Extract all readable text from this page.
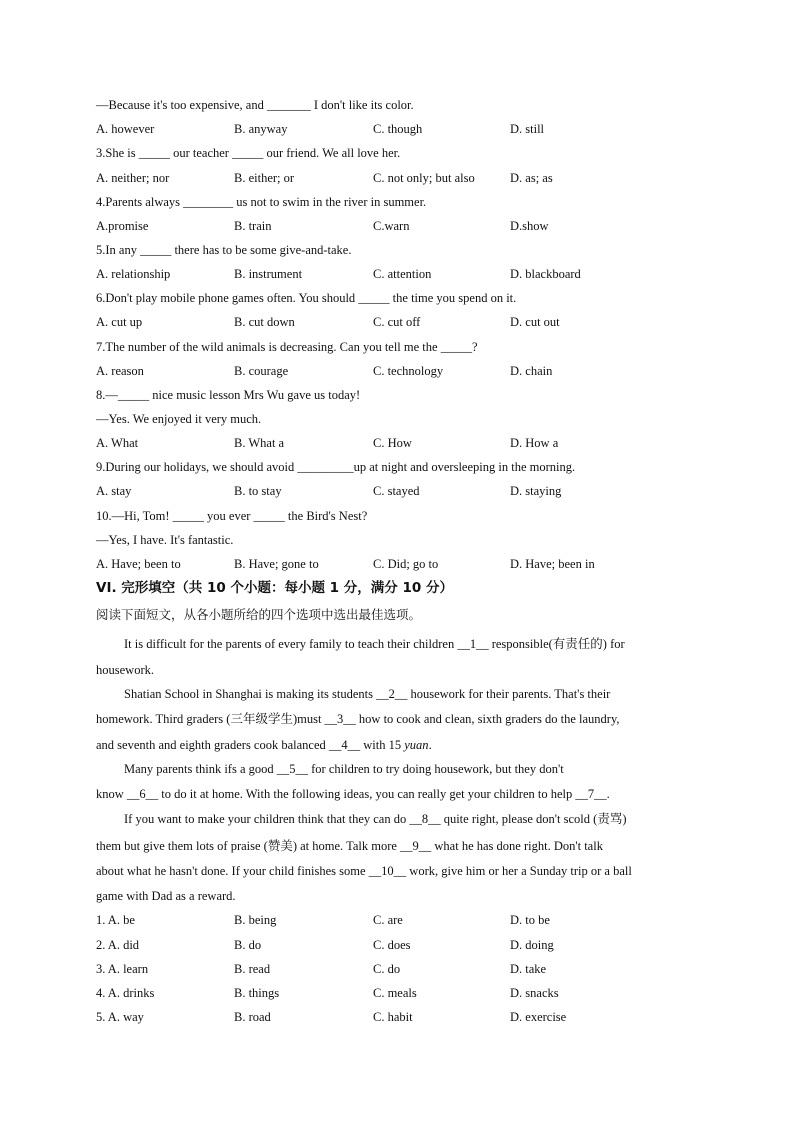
—Because it's too expensive, and _______ I don't like its color.
A. however	B. anyway	C. though	D. still
3.She is _____ our teacher _____ our friend. We all love her.
A. neither; nor	B. either; or	C. not only; but also	D. as; as
4.Parents always ________ us not to swim in the river in summer.
A.promise	B. train	C.warn	D.show
5.In any _____ there has to be some give-and-take.
A. relationship	B. instrument	C. attention	D. blackboard
6.Don't play mobile phone games often. You should _____ the time you spend on it.
A. cut up	B. cut down	C. cut off	D. cut out
7.The number of the wild animals is decreasing. Can you tell me the _____?
A. reason	B. courage	C. technology	D. chain
8.—_____ nice music lesson Mrs Wu gave us today!
—Yes. We enjoyed it very much.
A. What	B. What a	C. How	D. How a
9.During our holidays, we should avoid _________up at night and oversleeping in the morning.
A. stay	B. to stay	C. stayed	D. staying
10.—Hi, Tom! _____ you ever _____ the Bird's Nest?
—Yes, I have. It's fantastic.
A. Have; been to	B. Have; gone to	C. Did; go to	D. Have; been in
VI. 完形填空（共 10 个小题：每小题 1 分，满分 10 分）
阅读下面短文，从各小题所给的四个选项中选出最佳选项。
It is difficult for the parents of every family to teach their children __1__ responsible(有责任的) for
housework.
Shatian School in Shanghai is making its students __2__ housework for their parents. That's their
homework. Third graders (三年级学生)must __3__ how to cook and clean, sixth graders do the laundry,
and seventh and eighth graders cook balanced __4__ with 15 yuan.
Many parents think ifs a good __5__ for children to try doing housework, but they don't
know __6__ to do it at home. With the following ideas, you can really get your children to help __7__.
If you want to make your children think that they can do __8__ quite right, please don't scold (责骂)
them but give them lots of praise (赞美) at home. Talk more __9__ what he has done right. Don't talk
about what he hasn't done. If your child finishes some __10__ work, give him or her a Sunday trip or a ball
game with Dad as a reward.
1. A. be	B. being	C. are	D. to be
2. A. did	B. do	C. does	D. doing
3. A. learn	B. read	C. do	D. take
4. A. drinks	B. things	C. meals	D. snacks
5. A. way	B. road	C. habit	D. exercise
